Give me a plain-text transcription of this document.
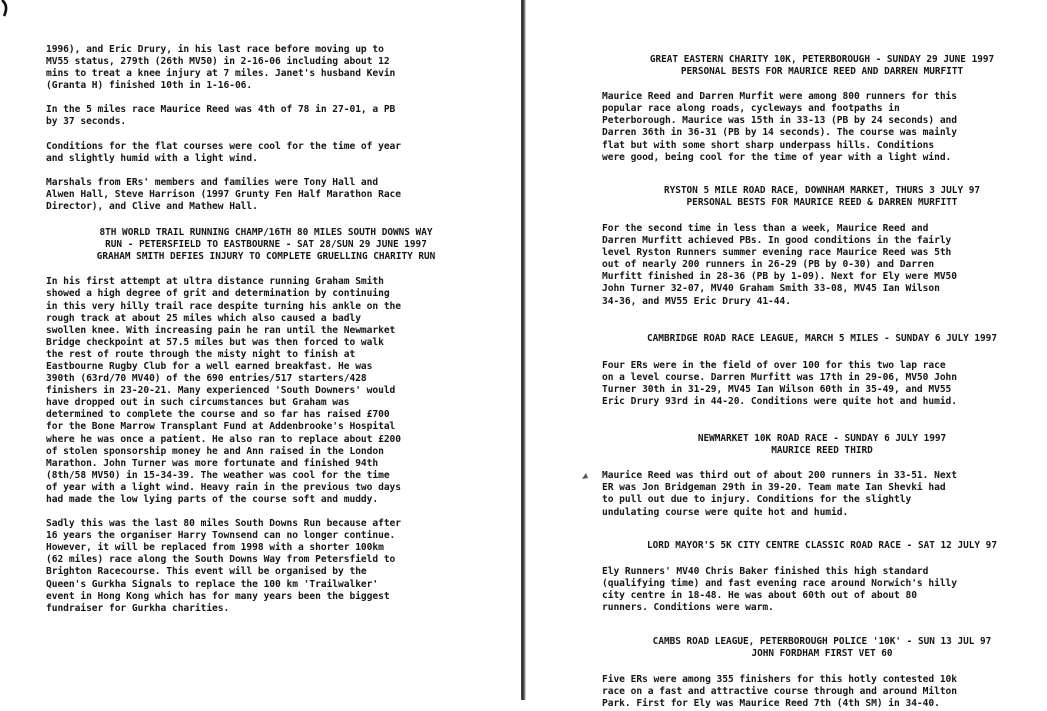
1996), and Eric Drury, in his last race before moving up to
MV55 status, 279th (26th MV50) in 2-16-06 including about 12
mins to treat a knee injury at 7 miles. Janet's husband Kevin
(Granta H) finished 10th in 1-16-06.

In the 5 miles race Maurice Reed was 4th of 78 in 27-01, a PB
by 37 seconds.

Conditions for the flat courses were cool for the time of year
and slightly humid with a light wind.

Marshals from ERs' members and families were Tony Hall and
Alwen Hall, Steve Harrison (1997 Grunty Fen Half Marathon Race
Director), and Clive and Mathew Hall.

8TH WORLD TRAIL RUNNING CHAMP/16TH 80 MILES SOUTH DOWNS WAY
RUN - PETERSFIELD TO EASTBOURNE - SAT 28/SUN 29 JUNE 1997
GRAHAM SMITH DEFIES INJURY TO COMPLETE GRUELLING CHARITY RUN

In his first attempt at ultra distance running Graham Smith
showed a high degree of grit and determination by continuing
in this very hilly trail race despite turning his ankle on the
rough track at about 25 miles which also caused a badly
swollen knee. With increasing pain he ran until the Newmarket
Bridge checkpoint at 57.5 miles but was then forced to walk
the rest of route through the misty night to finish at
Eastbourne Rugby Club for a well earned breakfast. He was
390th (63rd/70 MV40) of the 690 entries/517 starters/428
finishers in 23-20-21. Many experienced 'South Downers' would
have dropped out in such circumstances but Graham was
determined to complete the course and so far has raised £700
for the Bone Marrow Transplant Fund at Addenbrooke's Hospital
where he was once a patient. He also ran to replace about £200
of stolen sponsorship money he and Ann raised in the London
Marathon. John Turner was more fortunate and finished 94th
(8th/58 MV50) in 15-34-39. The weather was cool for the time
of year with a light wind. Heavy rain in the previous two days
had made the low lying parts of the course soft and muddy.

Sadly this was the last 80 miles South Downs Run because after
16 years the organiser Harry Townsend can no longer continue.
However, it will be replaced from 1998 with a shorter 100km
(62 miles) race along the South Downs Way from Petersfield to
Brighton Racecourse. This event will be organised by the
Queen's Gurkha Signals to replace the 100 km 'Trailwalker'
event in Hong Kong which has for many years been the biggest
fundraiser for Gurkha charities.

GREAT EASTERN CHARITY 10K, PETERBOROUGH - SUNDAY 29 JUNE 1997
PERSONAL BESTS FOR MAURICE REED AND DARREN MURFITT

Maurice Reed and Darren Murfit were among 800 runners for this
popular race along roads, cycleways and footpaths in
Peterborough. Maurice was 15th in 33-13 (PB by 24 seconds) and
Darren 36th in 36-31 (PB by 14 seconds). The course was mainly
flat but with some short sharp underpass hills. Conditions
were good, being cool for the time of year with a light wind.

RYSTON 5 MILE ROAD RACE, DOWNHAM MARKET, THURS 3 JULY 97
PERSONAL BESTS FOR MAURICE REED & DARREN MURFITT

For the second time in less than a week, Maurice Reed and
Darren Murfitt achieved PBs. In good conditions in the fairly
level Ryston Runners summer evening race Maurice Reed was 5th
out of nearly 200 runners in 26-29 (PB by 0-30) and Darren
Murfitt finished in 28-36 (PB by 1-09). Next for Ely were MV50
John Turner 32-07, MV40 Graham Smith 33-08, MV45 Ian Wilson
34-36, and MV55 Eric Drury 41-44.

CAMBRIDGE ROAD RACE LEAGUE, MARCH 5 MILES - SUNDAY 6 JULY 1997

Four ERs were in the field of over 100 for this two lap race
on a level course. Darren Murfitt was 17th in 29-06, MV50 John
Turner 30th in 31-29, MV45 Ian Wilson 60th in 35-49, and MV55
Eric Drury 93rd in 44-20. Conditions were quite hot and humid.

NEWMARKET 10K ROAD RACE - SUNDAY 6 JULY 1997
MAURICE REED THIRD

Maurice Reed was third out of about 200 runners in 33-51. Next
ER was Jon Bridgeman 29th in 39-20. Team mate Ian Shevki had
to pull out due to injury. Conditions for the slightly
undulating course were quite hot and humid.

LORD MAYOR'S 5K CITY CENTRE CLASSIC ROAD RACE - SAT 12 JULY 97

Ely Runners' MV40 Chris Baker finished this high standard
(qualifying time) and fast evening race around Norwich's hilly
city centre in 18-48. He was about 60th out of about 80
runners. Conditions were warm.

CAMBS ROAD LEAGUE, PETERBOROUGH POLICE '10K' - SUN 13 JUL 97
JOHN FORDHAM FIRST VET 60

Five ERs were among 355 finishers for this hotly contested 10k
race on a fast and attractive course through and around Milton
Park. First for Ely was Maurice Reed 7th (4th SM) in 34-40.
